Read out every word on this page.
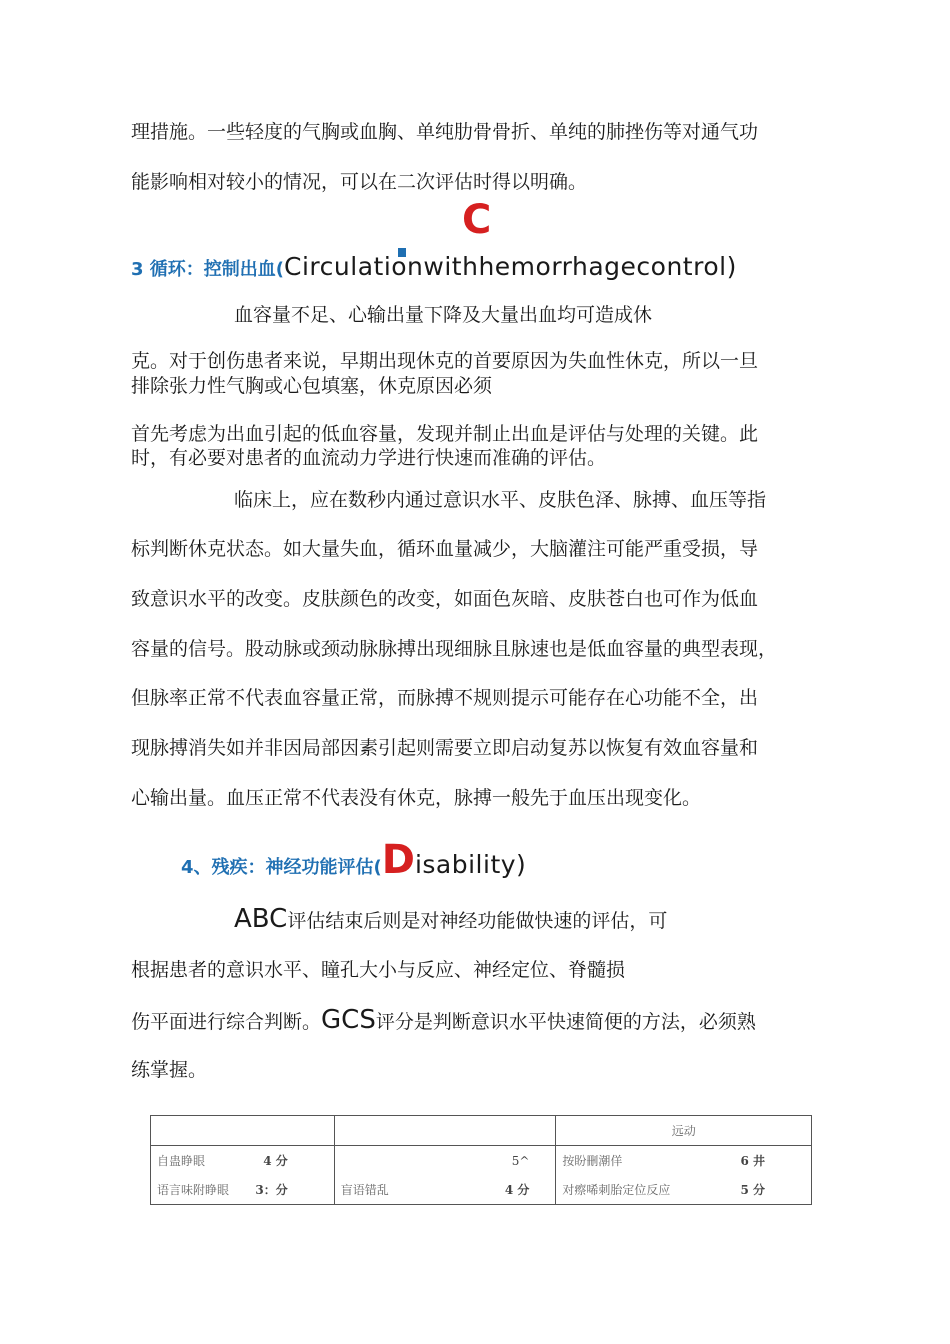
理措施。一些轻度的气胸或血胸、单纯肋骨骨折、单纯的肺挫伤等对通气功
能影响相对较小的情况，可以在二次评估时得以明确。
C
3 循环：控制出血(Circulationwithhemorrhagecontrol)
血容量不足、心输出量下降及大量出血均可造成休
克。对于创伤患者来说，早期出现休克的首要原因为失血性休克，所以一旦
排除张力性气胸或心包填塞，休克原因必须
首先考虑为出血引起的低血容量，发现并制止出血是评估与处理的关键。此
时，有必要对患者的血流动力学进行快速而准确的评估。
临床上，应在数秒内通过意识水平、皮肤色泽、脉搏、血压等指
标判断休克状态。如大量失血，循环血量减少，大脑灌注可能严重受损，导
致意识水平的改变。皮肤颜色的改变，如面色灰暗、皮肤苍白也可作为低血
容量的信号。股动脉或颈动脉脉搏出现细脉且脉速也是低血容量的典型表现，
但脉率正常不代表血容量正常，而脉搏不规则提示可能存在心功能不全，出
现脉搏消失如并非因局部因素引起则需要立即启动复苏以恢复有效血容量和
心输出量。血压正常不代表没有休克，脉搏一般先于血压出现变化。
4、残疾：神经功能评估(Disability)
ABC评估结束后则是对神经功能做快速的评估，可
根据患者的意识水平、瞳孔大小与反应、神经定位、脊髓损
伤平面进行综合判断。GCS评分是判断意识水平快速简便的方法，必须熟
练掌握。
		远动

自蛊睁眼 4 分	5^	按盼刪潮佯 6 井

语言味附睁眼 3：分	盲语错乱 4 分	对瘵唏刺胎定位反应 5 分
